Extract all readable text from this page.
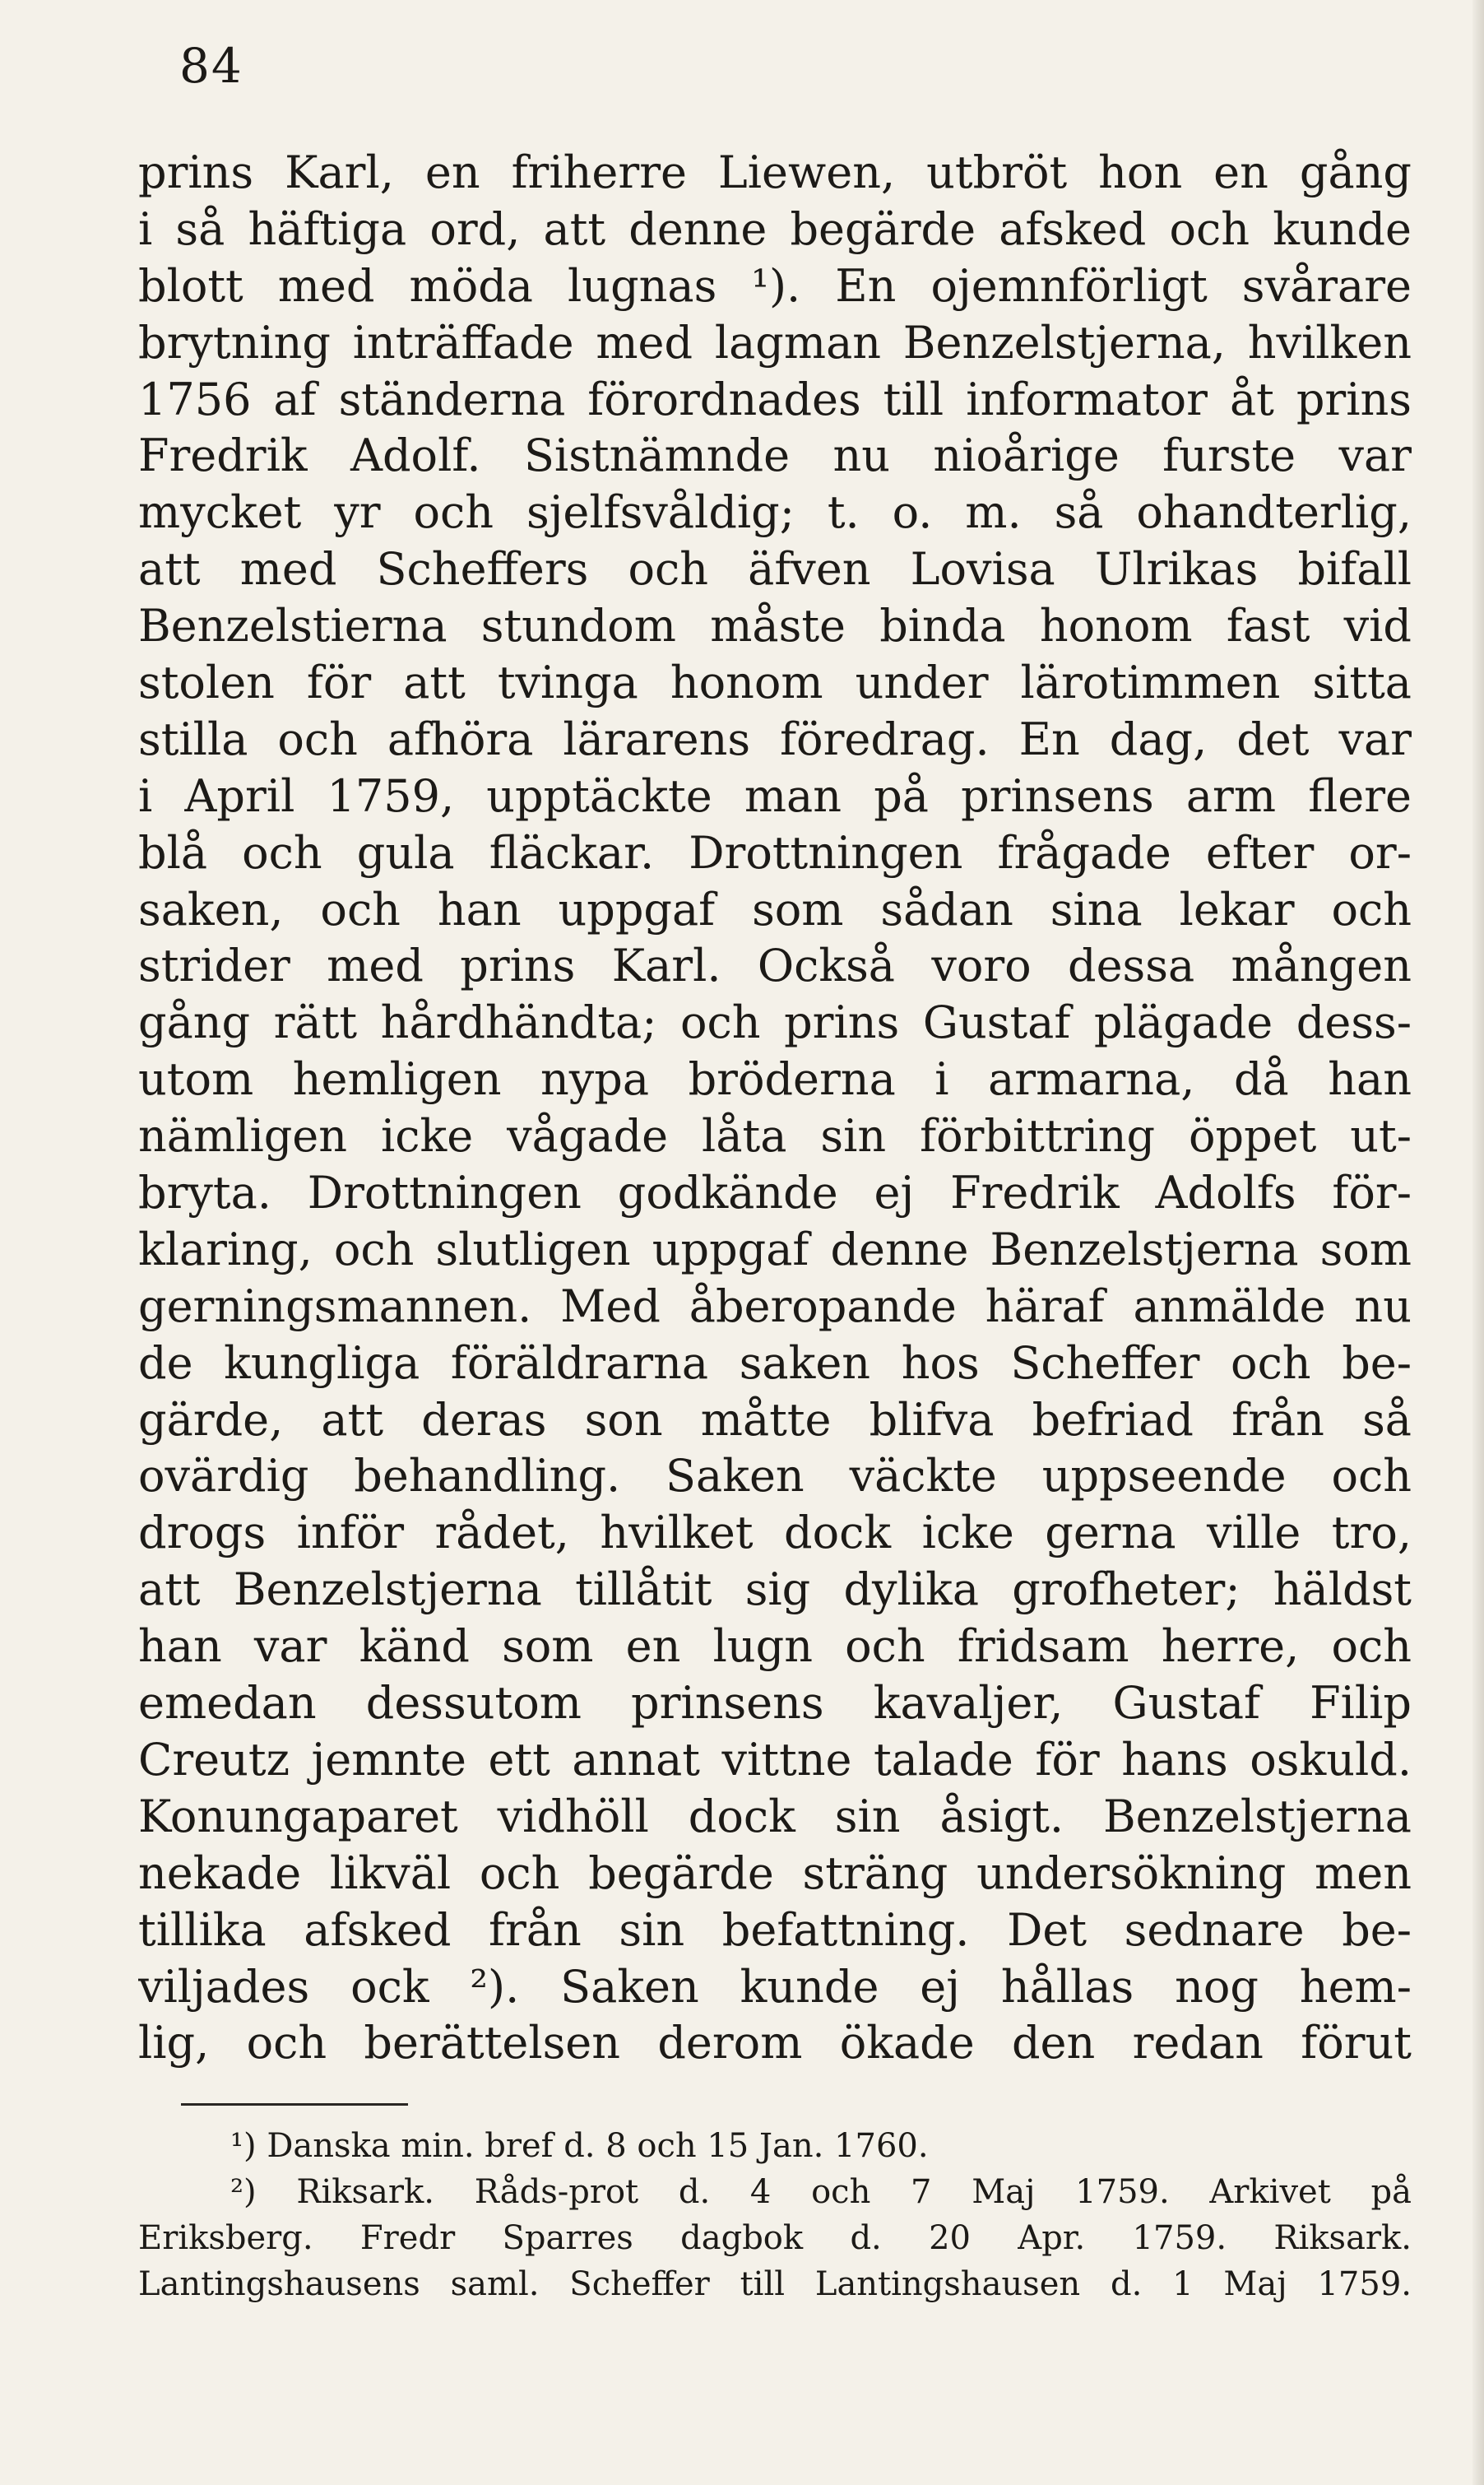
84
prins Karl, en friherre Liewen, utbröt hon en gång
i så häftiga ord, att denne begärde afsked och kunde
blott med möda lugnas ¹). En ojemnförligt svårare
brytning inträffade med lagman Benzelstjerna, hvilken
1756 af ständerna förordnades till informator åt prins
Fredrik Adolf. Sistnämnde nu nioårige furste var
mycket yr och sjelfsvåldig; t. o. m. så ohandterlig,
att med Scheffers och äfven Lovisa Ulrikas bifall
Benzelstierna stundom måste binda honom fast vid
stolen för att tvinga honom under lärotimmen sitta
stilla och afhöra lärarens föredrag. En dag, det var
i April 1759, upptäckte man på prinsens arm flere
blå och gula fläckar. Drottningen frågade efter or-
saken, och han uppgaf som sådan sina lekar och
strider med prins Karl. Också voro dessa mången
gång rätt hårdhändta; och prins Gustaf plägade dess-
utom hemligen nypa bröderna i armarna, då han
nämligen icke vågade låta sin förbittring öppet ut-
bryta. Drottningen godkände ej Fredrik Adolfs för-
klaring, och slutligen uppgaf denne Benzelstjerna som
gerningsmannen. Med åberopande häraf anmälde nu
de kungliga föräldrarna saken hos Scheffer och be-
gärde, att deras son måtte blifva befriad från så
ovärdig behandling. Saken väckte uppseende och
drogs inför rådet, hvilket dock icke gerna ville tro,
att Benzelstjerna tillåtit sig dylika grofheter; häldst
han var känd som en lugn och fridsam herre, och
emedan dessutom prinsens kavaljer, Gustaf Filip
Creutz jemnte ett annat vittne talade för hans oskuld.
Konungaparet vidhöll dock sin åsigt. Benzelstjerna
nekade likväl och begärde sträng undersökning men
tillika afsked från sin befattning. Det sednare be-
viljades ock ²). Saken kunde ej hållas nog hem-
lig, och berättelsen derom ökade den redan förut
¹) Danska min. bref d. 8 och 15 Jan. 1760.
²) Riksark. Råds-prot d. 4 och 7 Maj 1759. Arkivet på
Eriksberg. Fredr Sparres dagbok d. 20 Apr. 1759. Riksark.
Lantingshausens saml. Scheffer till Lantingshausen d. 1 Maj 1759.
